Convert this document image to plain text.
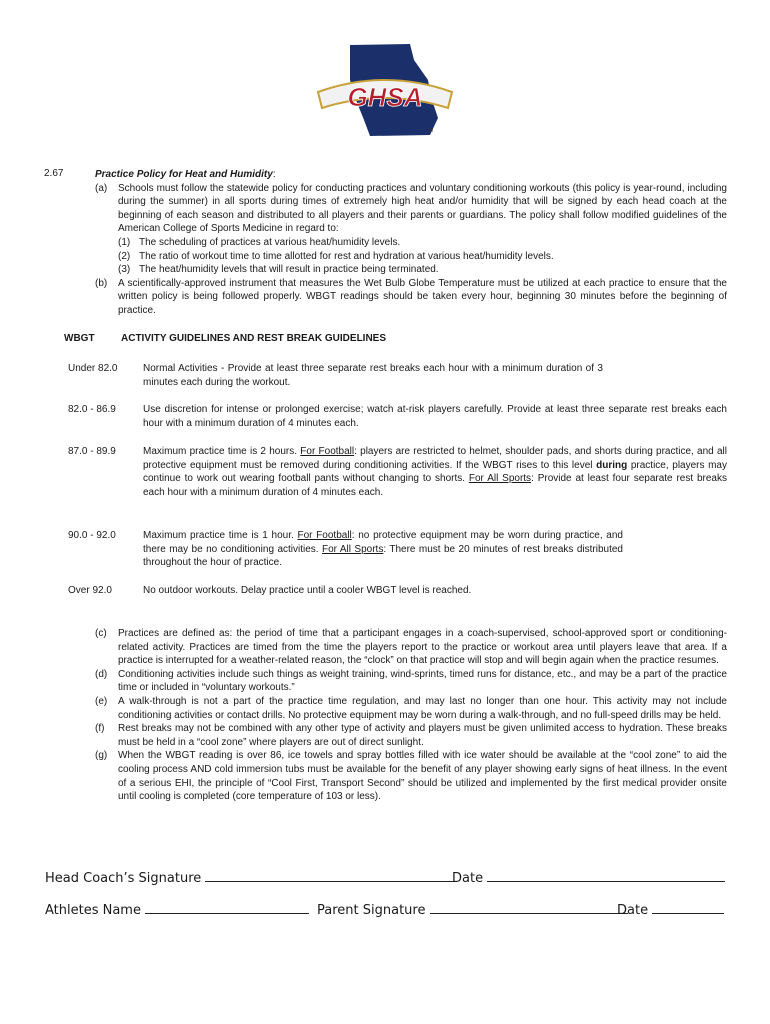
GHSA
TM
2.67	Practice Policy for Heat and Humidity:
(a)	Schools must follow the statewide policy for conducting practices and voluntary conditioning workouts (this policy is year-round, including during the summer) in all sports during times of extremely high heat and/or humidity that will be signed by each head coach at the beginning of each season and distributed to all players and their parents or guardians. The policy shall follow modified guidelines of the American College of Sports Medicine in regard to:
(1) The scheduling of practices at various heat/humidity levels.
(2) The ratio of workout time to time allotted for rest and hydration at various heat/humidity levels.
(3) The heat/humidity levels that will result in practice being terminated.
(b)	A scientifically-approved instrument that measures the Wet Bulb Globe Temperature must be utilized at each practice to ensure that the written policy is being followed properly. WBGT readings should be taken every hour, beginning 30 minutes before the beginning of practice.
WBGT	ACTIVITY GUIDELINES AND REST BREAK GUIDELINES
Under 82.0	Normal Activities - Provide at least three separate rest breaks each hour with a minimum duration of 3 minutes each during the workout.
82.0 - 86.9	Use discretion for intense or prolonged exercise; watch at-risk players carefully. Provide at least three separate rest breaks each hour with a minimum duration of 4 minutes each.
87.0 - 89.9	Maximum practice time is 2 hours. For Football: players are restricted to helmet, shoulder pads, and shorts during practice, and all protective equipment must be removed during conditioning activities. If the WBGT rises to this level during practice, players may continue to work out wearing football pants without changing to shorts. For All Sports: Provide at least four separate rest breaks each hour with a minimum duration of 4 minutes each.
90.0 - 92.0	Maximum practice time is 1 hour. For Football: no protective equipment may be worn during practice, and there may be no conditioning activities. For All Sports: There must be 20 minutes of rest breaks distributed throughout the hour of practice.
Over 92.0	No outdoor workouts. Delay practice until a cooler WBGT level is reached.
(c)	Practices are defined as: the period of time that a participant engages in a coach-supervised, school-approved sport or conditioning-related activity. Practices are timed from the time the players report to the practice or workout area until players leave that area. If a practice is interrupted for a weather-related reason, the “clock” on that practice will stop and will begin again when the practice resumes.
(d)	Conditioning activities include such things as weight training, wind-sprints, timed runs for distance, etc., and may be a part of the practice time or included in “voluntary workouts.”
(e)	A walk-through is not a part of the practice time regulation, and may last no longer than one hour. This activity may not include conditioning activities or contact drills. No protective equipment may be worn during a walk-through, and no full-speed drills may be held.
(f)	Rest breaks may not be combined with any other type of activity and players must be given unlimited access to hydration. These breaks must be held in a “cool zone” where players are out of direct sunlight.
(g)	When the WBGT reading is over 86, ice towels and spray bottles filled with ice water should be available at the “cool zone” to aid the cooling process AND cold immersion tubs must be available for the benefit of any player showing early signs of heat illness. In the event of a serious EHI, the principle of “Cool First, Transport Second” should be utilized and implemented by the first medical provider onsite until cooling is completed (core temperature of 103 or less).
Head Coach’s Signature	Date
Athletes Name	Parent Signature	Date
